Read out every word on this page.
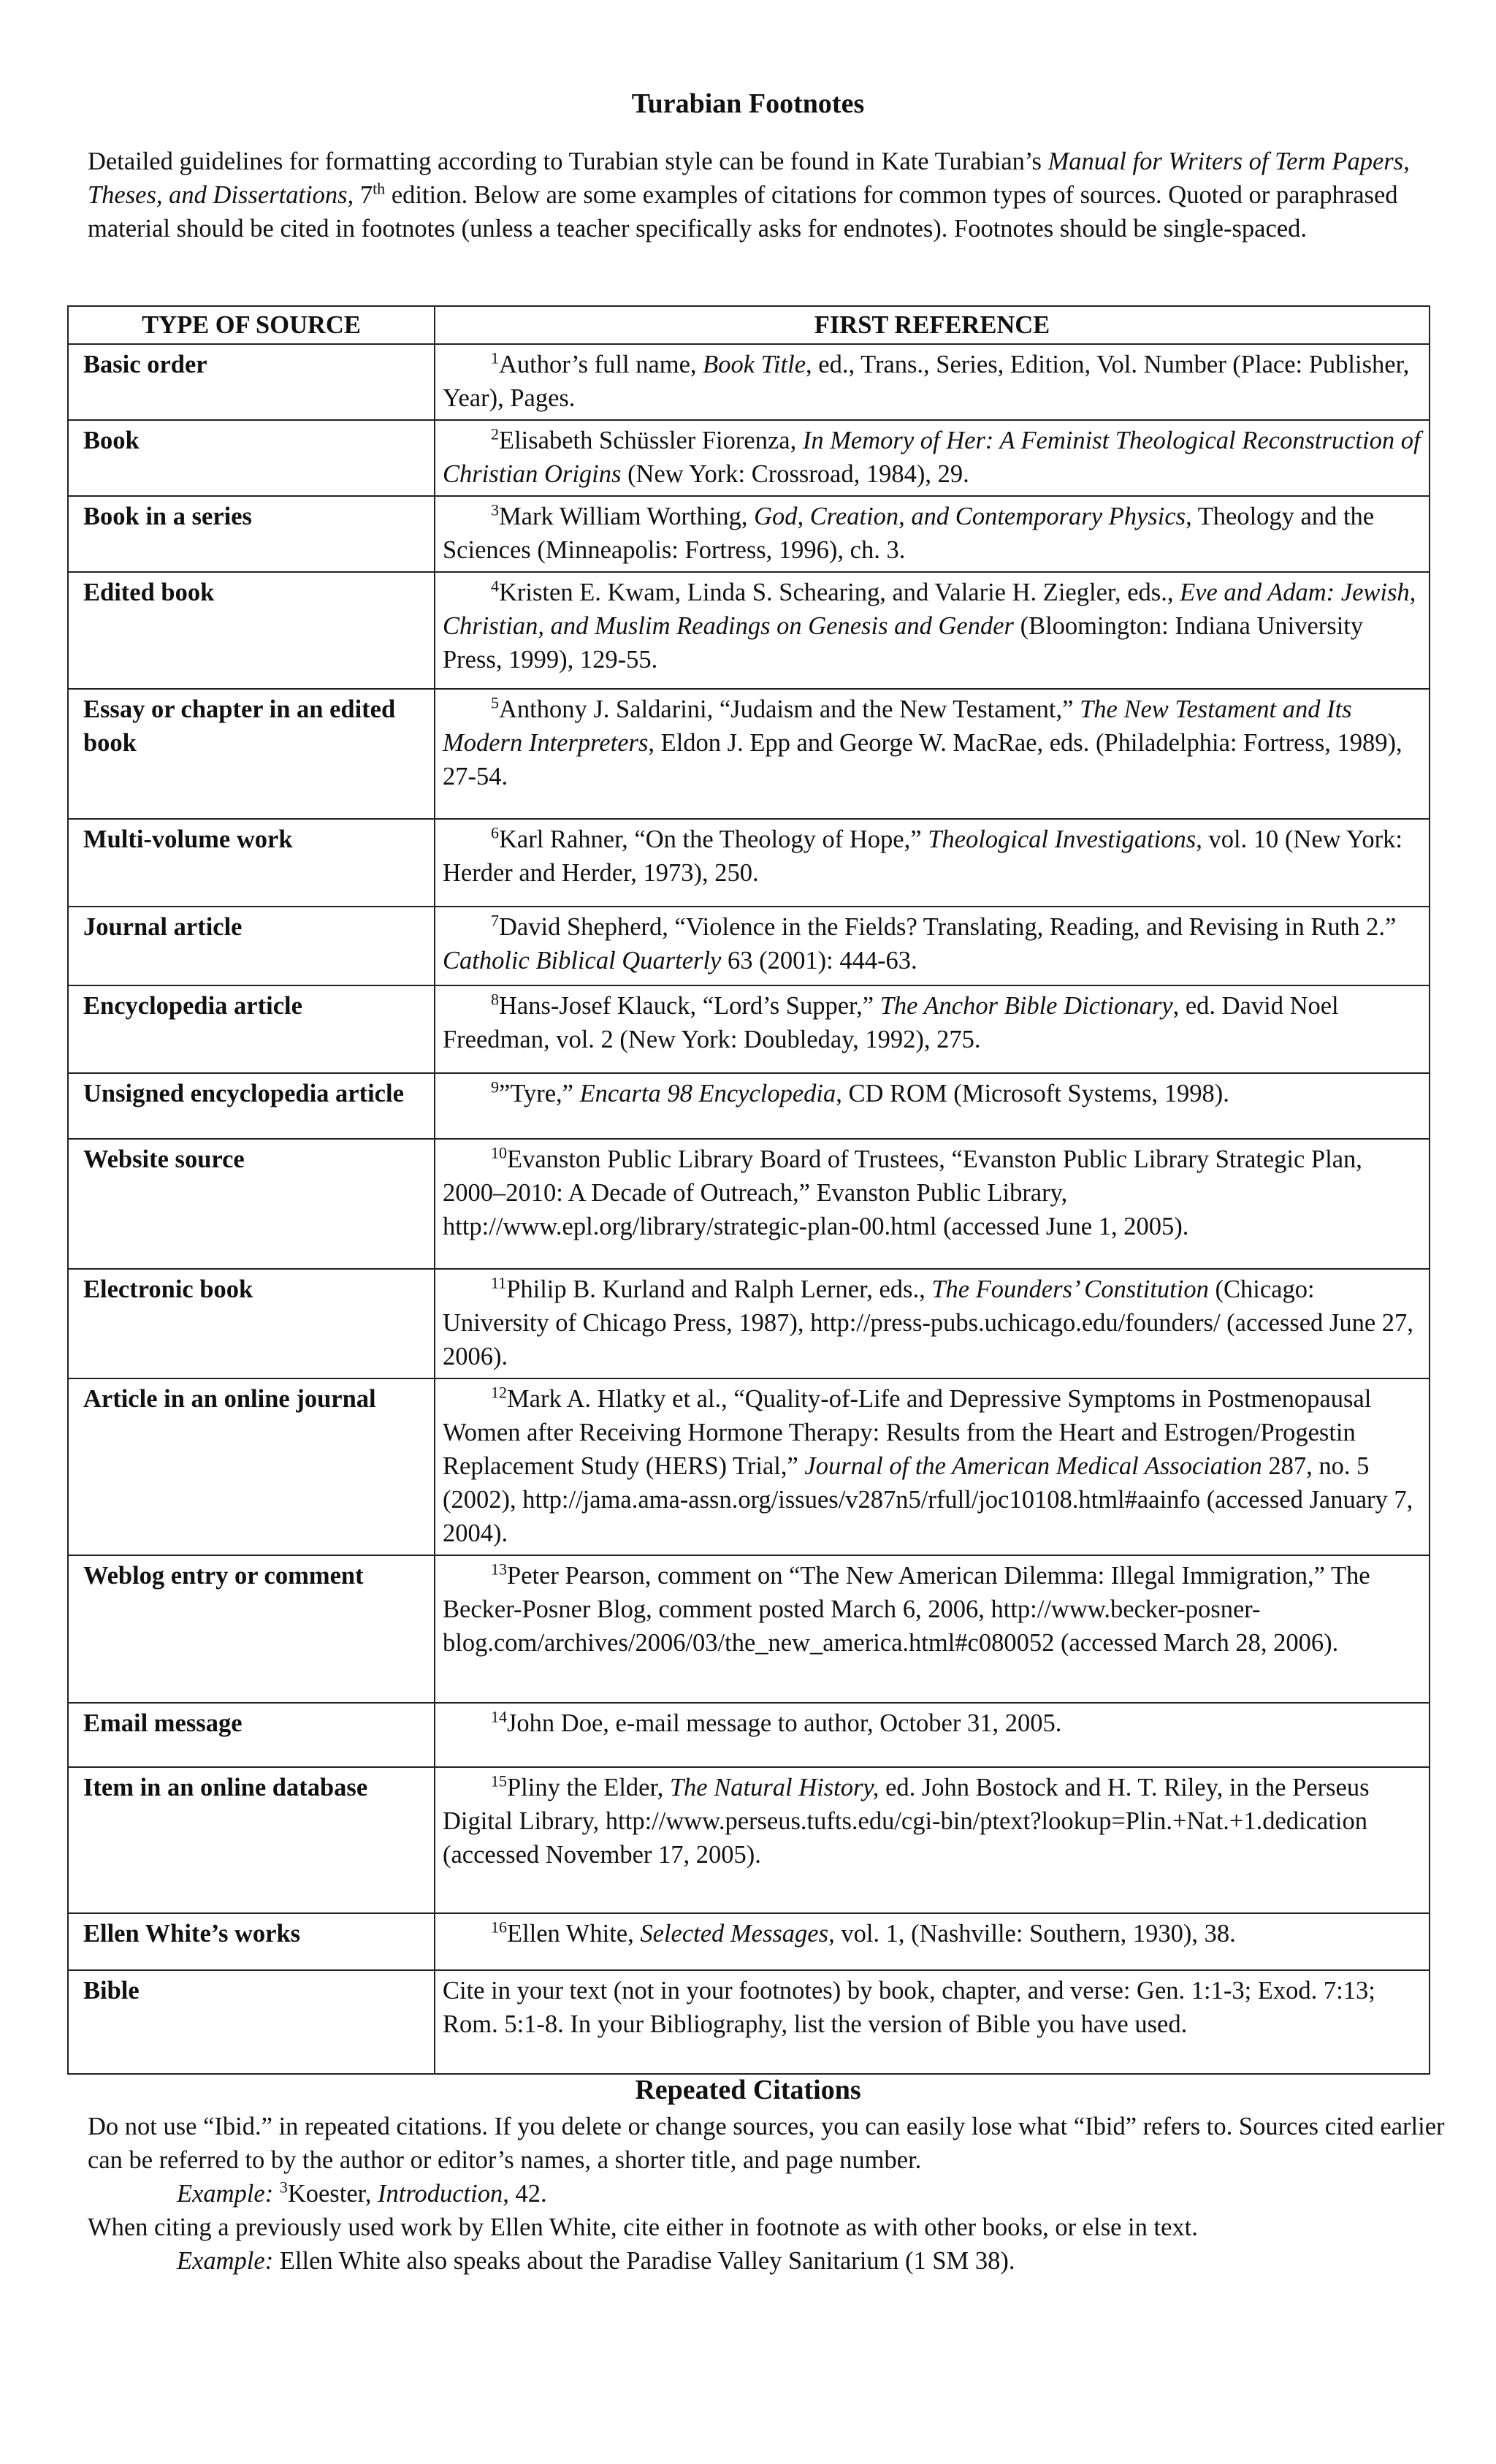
Turabian Footnotes
Detailed guidelines for formatting according to Turabian style can be found in Kate Turabian’s Manual for Writers of Term Papers, Theses, and Dissertations, 7th edition. Below are some examples of citations for common types of sources. Quoted or paraphrased material should be cited in footnotes (unless a teacher specifically asks for endnotes). Footnotes should be single-spaced.
TYPE OF SOURCE	FIRST REFERENCE
Basic order	$^1$Author’s full name, Book Title, ed., Trans., Series, Edition, Vol. Number (Place: Publisher, Year), Pages.
Book	$^2$Elisabeth Schüssler Fiorenza, In Memory of Her: A Feminist Theological Reconstruction of Christian Origins (New York: Crossroad, 1984), 29.
Book in a series	$^3$Mark William Worthing, God, Creation, and Contemporary Physics, Theology and the Sciences (Minneapolis: Fortress, 1996), ch. 3.
Edited book	$^4$Kristen E. Kwam, Linda S. Schearing, and Valarie H. Ziegler, eds., Eve and Adam: Jewish, Christian, and Muslim Readings on Genesis and Gender (Bloomington: Indiana University Press, 1999), 129-55.
Essay or chapter in an edited book	$^5$Anthony J. Saldarini, “Judaism and the New Testament,” The New Testament and Its Modern Interpreters, Eldon J. Epp and George W. MacRae, eds. (Philadelphia: Fortress, 1989), 27-54.
Multi-volume work	$^6$Karl Rahner, “On the Theology of Hope,” Theological Investigations, vol. 10 (New York: Herder and Herder, 1973), 250.
Journal article	$^7$David Shepherd, “Violence in the Fields? Translating, Reading, and Revising in Ruth 2.” Catholic Biblical Quarterly 63 (2001): 444-63.
Encyclopedia article	$^8$Hans-Josef Klauck, “Lord’s Supper,” The Anchor Bible Dictionary, ed. David Noel Freedman, vol. 2 (New York: Doubleday, 1992), 275.
Unsigned encyclopedia article	$^9$”Tyre,” Encarta 98 Encyclopedia, CD ROM (Microsoft Systems, 1998).
Website source	$^{10}$Evanston Public Library Board of Trustees, “Evanston Public Library Strategic Plan, 2000–2010: A Decade of Outreach,” Evanston Public Library, http://www.epl.org/library/strategic-plan-00.html (accessed June 1, 2005).
Electronic book	$^{11}$Philip B. Kurland and Ralph Lerner, eds., The Founders’ Constitution (Chicago: University of Chicago Press, 1987), http://press-pubs.uchicago.edu/founders/ (accessed June 27, 2006).
Article in an online journal	$^{12}$Mark A. Hlatky et al., “Quality-of-Life and Depressive Symptoms in Postmenopausal Women after Receiving Hormone Therapy: Results from the Heart and Estrogen/Progestin Replacement Study (HERS) Trial,” Journal of the American Medical Association 287, no. 5 (2002), http://jama.ama-assn.org/issues/v287n5/rfull/joc10108.html#aainfo (accessed January 7, 2004).
Weblog entry or comment	$^{13}$Peter Pearson, comment on “The New American Dilemma: Illegal Immigration,” The Becker-Posner Blog, comment posted March 6, 2006, http://www.becker-posner-blog.com/archives/2006/03/the_new_america.html#c080052 (accessed March 28, 2006).
Email message	$^{14}$John Doe, e-mail message to author, October 31, 2005.
Item in an online database	$^{15}$Pliny the Elder, The Natural History, ed. John Bostock and H. T. Riley, in the Perseus Digital Library, http://www.perseus.tufts.edu/cgi-bin/ptext?lookup=Plin.+Nat.+1.dedication (accessed November 17, 2005).
Ellen White’s works	$^{16}$Ellen White, Selected Messages, vol. 1, (Nashville: Southern, 1930), 38.
Bible	Cite in your text (not in your footnotes) by book, chapter, and verse: Gen. 1:1-3; Exod. 7:13; Rom. 5:1-8. In your Bibliography, list the version of Bible you have used.
Repeated Citations

Do not use “Ibid.” in repeated citations. If you delete or change sources, you can easily lose what “Ibid” refers to. Sources cited earlier can be referred to by the author or editor’s names, a shorter title, and page number.

Example: $^3$Koester, Introduction, 42.

When citing a previously used work by Ellen White, cite either in footnote as with other books, or else in text.

Example: Ellen White also speaks about the Paradise Valley Sanitarium (1 SM 38).
